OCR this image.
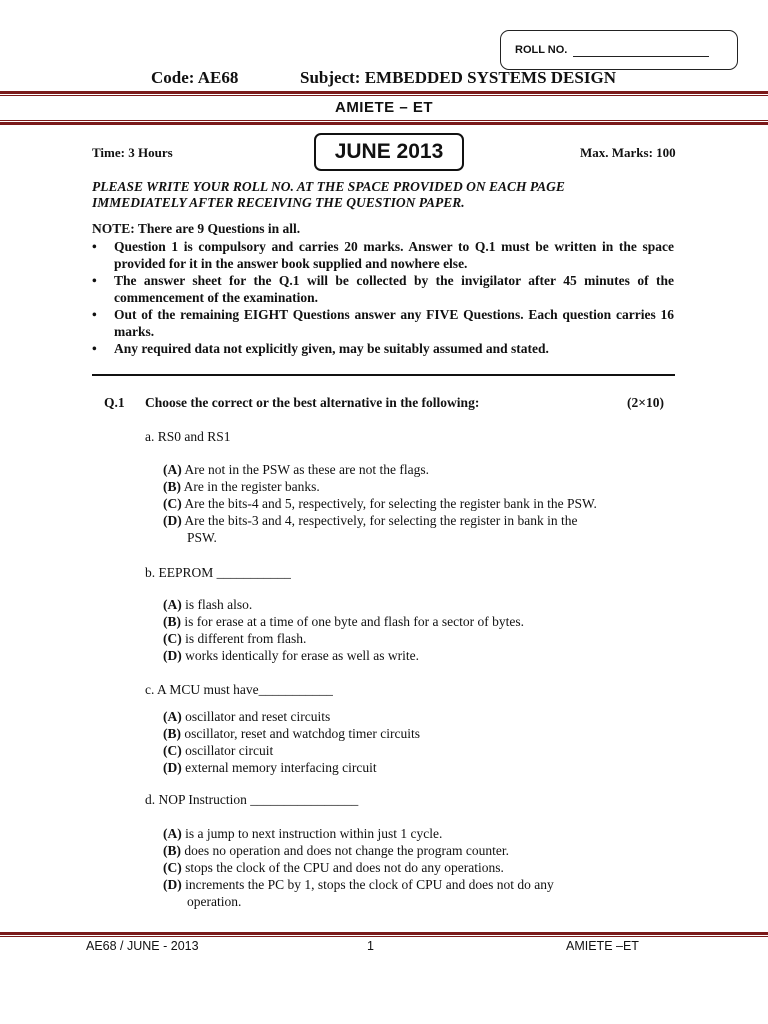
ROLL NO.
Code: AE68	Subject: EMBEDDED SYSTEMS DESIGN
AMIETE – ET
Time: 3 Hours	JUNE 2013	Max. Marks: 100
PLEASE WRITE YOUR ROLL NO. AT THE SPACE PROVIDED ON EACH PAGE
IMMEDIATELY AFTER RECEIVING THE QUESTION PAPER.
NOTE: There are 9 Questions in all.
• Question 1 is compulsory and carries 20 marks. Answer to Q.1 must be written in the space provided for it in the answer book supplied and nowhere else.
• The answer sheet for the Q.1 will be collected by the invigilator after 45 minutes of the commencement of the examination.
• Out of the remaining EIGHT Questions answer any FIVE Questions. Each question carries 16 marks.
• Any required data not explicitly given, may be suitably assumed and stated.
Q.1 Choose the correct or the best alternative in the following:	(2×10)
a. RS0 and RS1
(A) Are not in the PSW as these are not the flags.
(B) Are in the register banks.
(C) Are the bits-4 and 5, respectively, for selecting the register bank in the PSW.
(D) Are the bits-3 and 4, respectively, for selecting the register in bank in the
PSW.
b. EEPROM ___________
(A) is flash also.
(B) is for erase at a time of one byte and flash for a sector of bytes.
(C) is different from flash.
(D) works identically for erase as well as write.
c. A MCU must have___________
(A) oscillator and reset circuits
(B) oscillator, reset and watchdog timer circuits
(C) oscillator circuit
(D) external memory interfacing circuit
d. NOP Instruction ________________
(A) is a jump to next instruction within just 1 cycle.
(B) does no operation and does not change the program counter.
(C) stops the clock of the CPU and does not do any operations.
(D) increments the PC by 1, stops the clock of CPU and does not do any
operation.
AE68 / JUNE - 2013	1	AMIETE –ET
